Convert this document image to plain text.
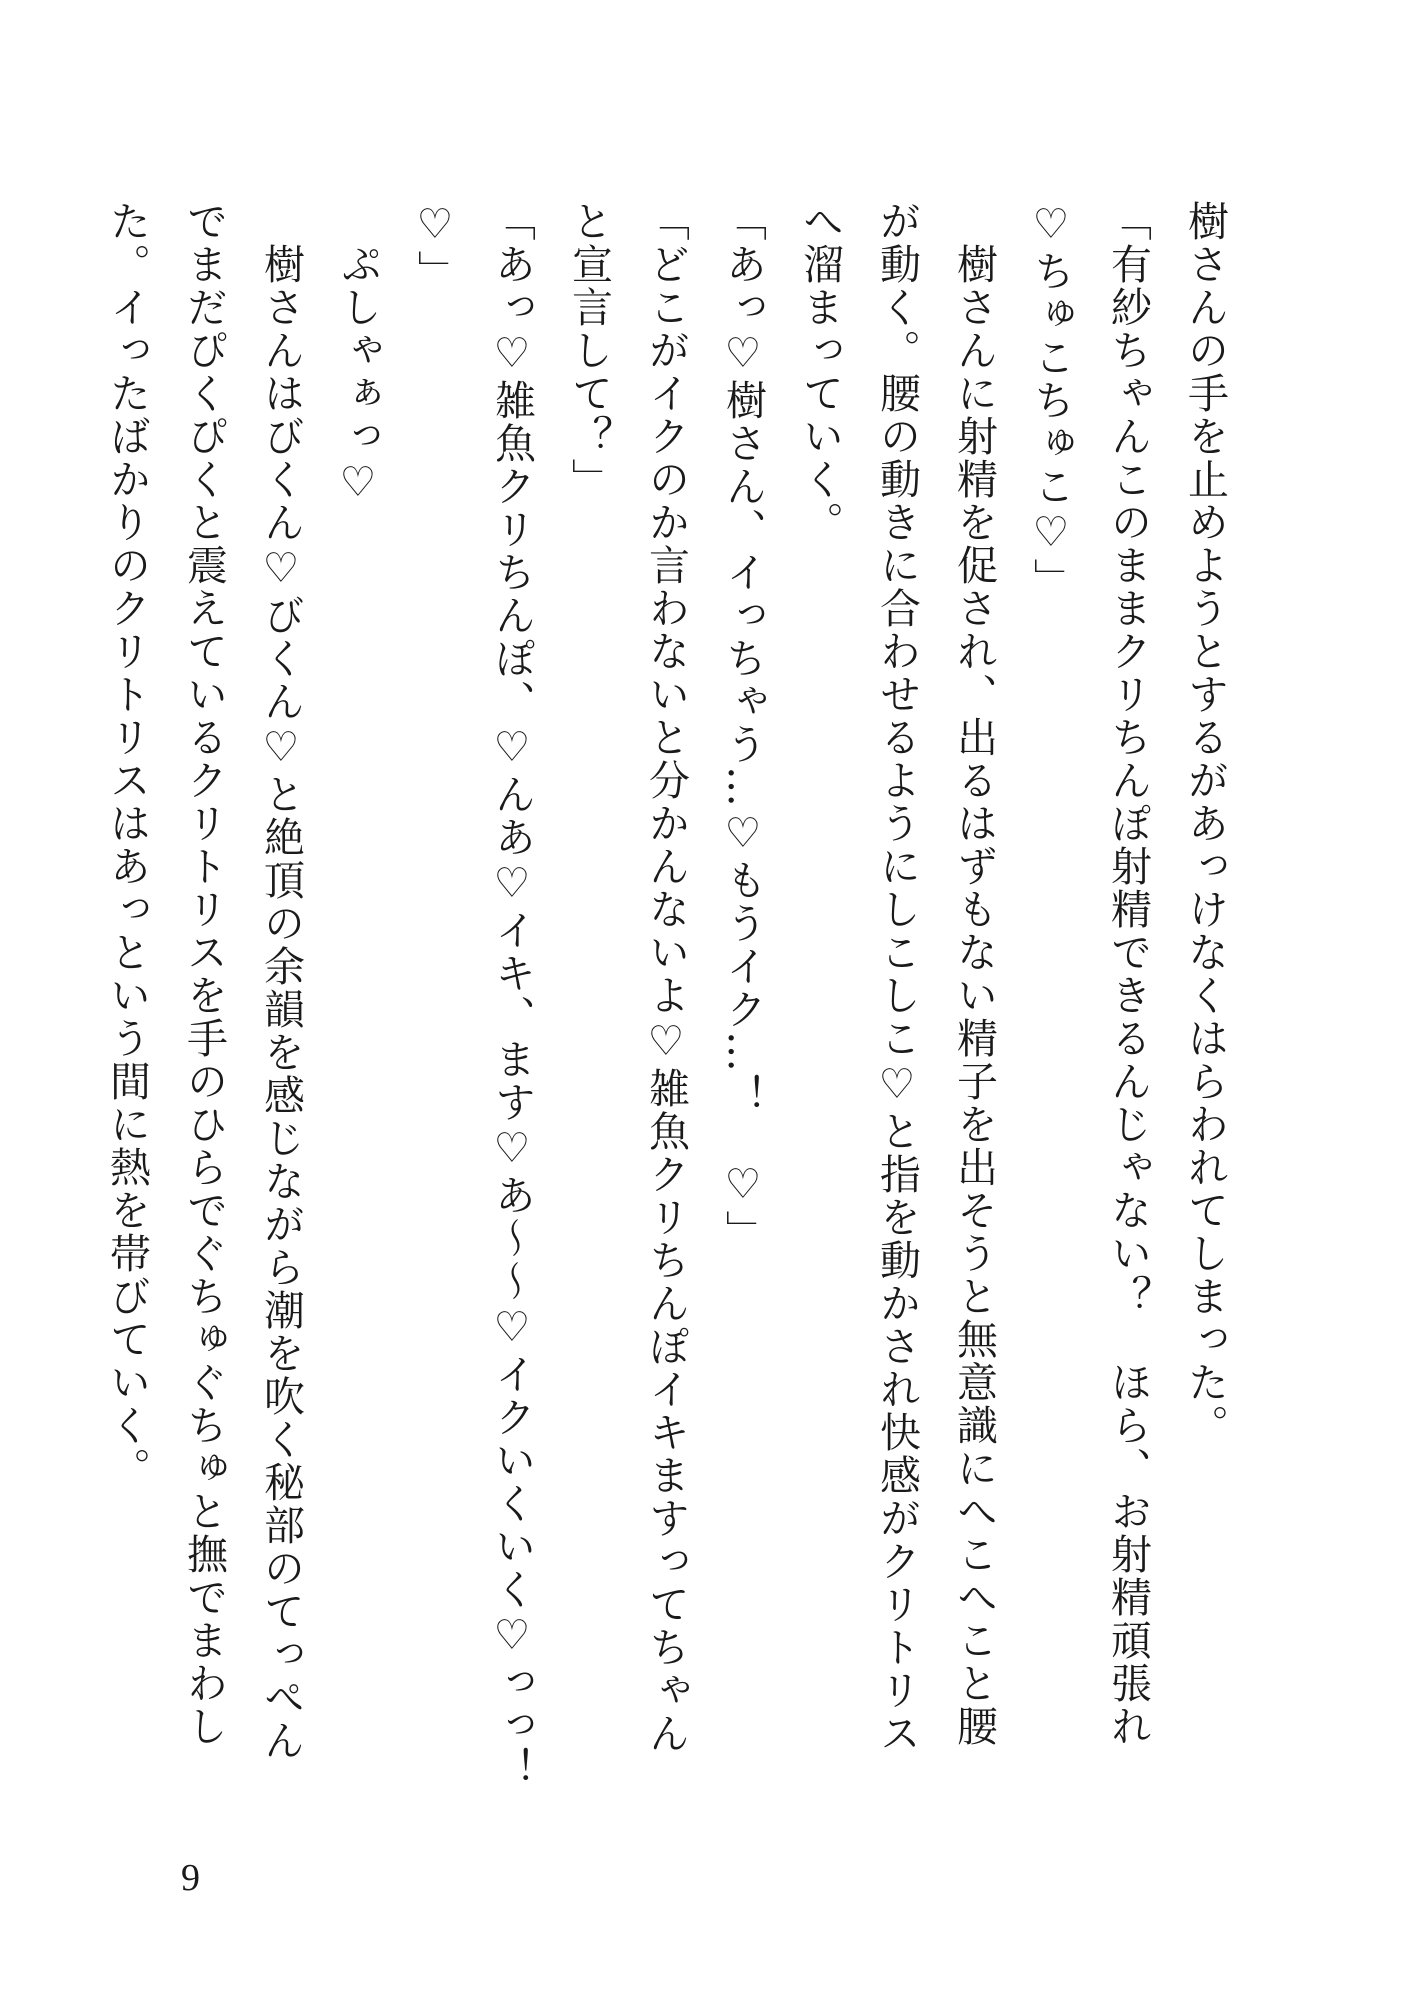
樹さんの手を止めようとするがあっけなくはらわれてしまった。
「有紗ちゃんこのままクリちんぽ射精できるんじゃない？　ほら、お射精頑張れ
♡ちゅこちゅこ♡」
　樹さんに射精を促され、出るはずもない精子を出そうと無意識にへこへこと腰
が動く。腰の動きに合わせるようにしこしこ♡と指を動かされ快感がクリトリス
へ溜まっていく。
「あっ♡樹さん、イっちゃう…♡もうイク…！　♡」
「どこがイクのか言わないと分かんないよ♡雑魚クリちんぽイキますってちゃん
と宣言して？」
「あっ♡雑魚クリちんぽ、♡んあ♡イキ、ます♡あ〜〜♡イクいくいく♡っっ！
♡」
　ぷしゃぁっ♡
　樹さんはびくん♡びくん♡と絶頂の余韻を感じながら潮を吹く秘部のてっぺん
でまだぴくぴくと震えているクリトリスを手のひらでぐちゅぐちゅと撫でまわし
た。イったばかりのクリトリスはあっという間に熱を帯びていく。
9
